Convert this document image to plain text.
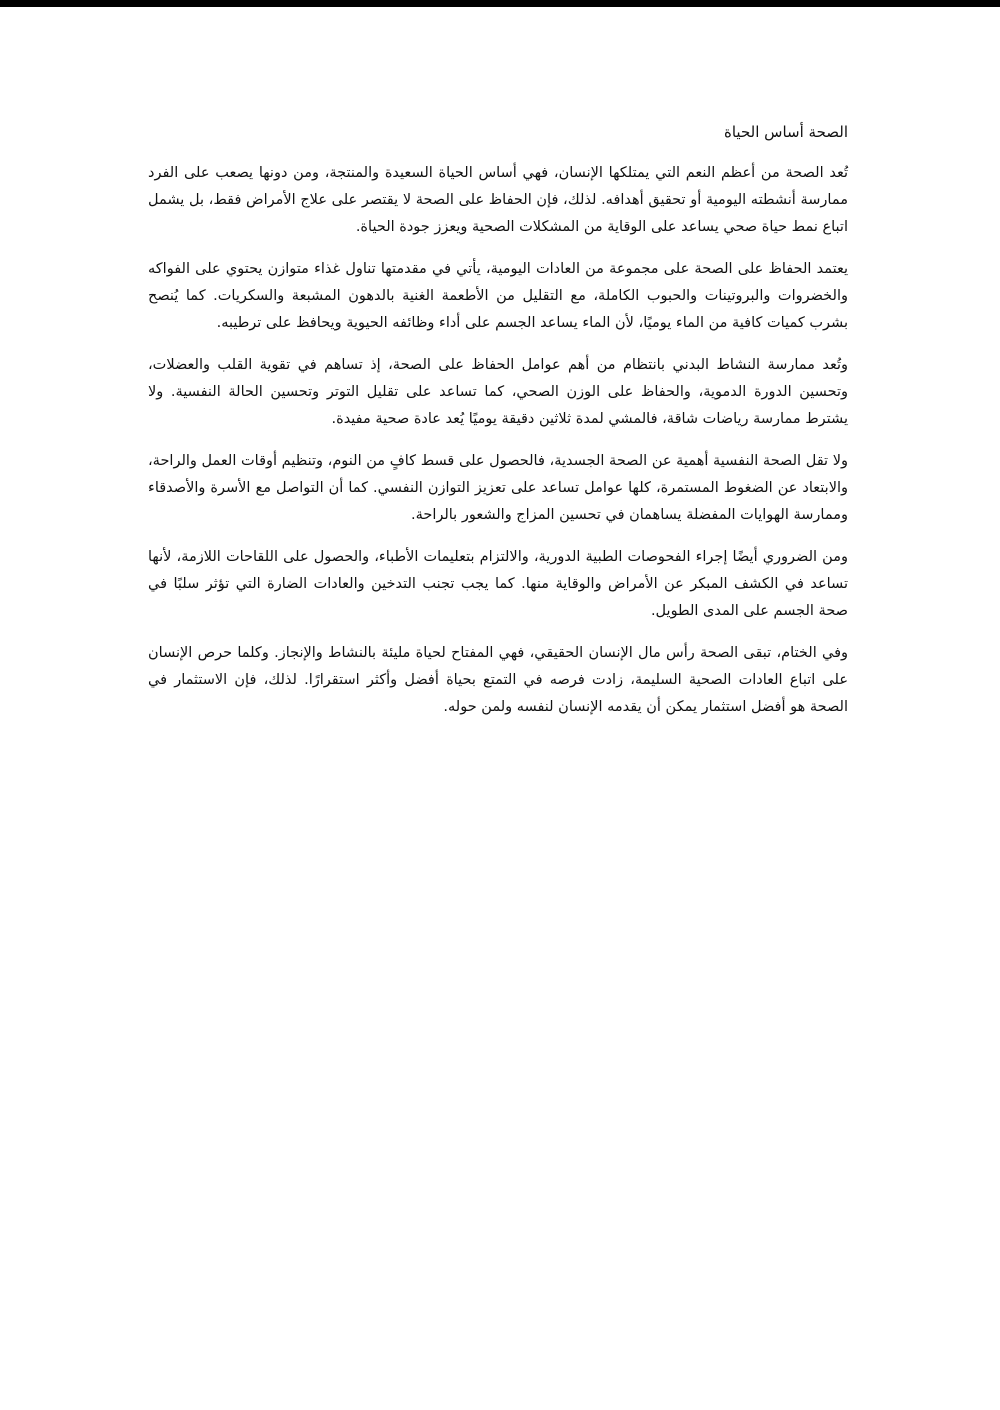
الصحة أساس الحياة

تُعد الصحة من أعظم النعم التي يمتلكها الإنسان، فهي أساس الحياة السعيدة والمنتجة، ومن دونها يصعب على الفرد ممارسة أنشطته اليومية أو تحقيق أهدافه. لذلك، فإن الحفاظ على الصحة لا يقتصر على علاج الأمراض فقط، بل يشمل اتباع نمط حياة صحي يساعد على الوقاية من المشكلات الصحية ويعزز جودة الحياة.

يعتمد الحفاظ على الصحة على مجموعة من العادات اليومية، يأتي في مقدمتها تناول غذاء متوازن يحتوي على الفواكه والخضروات والبروتينات والحبوب الكاملة، مع التقليل من الأطعمة الغنية بالدهون المشبعة والسكريات. كما يُنصح بشرب كميات كافية من الماء يوميًا، لأن الماء يساعد الجسم على أداء وظائفه الحيوية ويحافظ على ترطيبه.

وتُعد ممارسة النشاط البدني بانتظام من أهم عوامل الحفاظ على الصحة، إذ تساهم في تقوية القلب والعضلات، وتحسين الدورة الدموية، والحفاظ على الوزن الصحي، كما تساعد على تقليل التوتر وتحسين الحالة النفسية. ولا يشترط ممارسة رياضات شاقة، فالمشي لمدة ثلاثين دقيقة يوميًا يُعد عادة صحية مفيدة.

ولا تقل الصحة النفسية أهمية عن الصحة الجسدية، فالحصول على قسط كافٍ من النوم، وتنظيم أوقات العمل والراحة، والابتعاد عن الضغوط المستمرة، كلها عوامل تساعد على تعزيز التوازن النفسي. كما أن التواصل مع الأسرة والأصدقاء وممارسة الهوايات المفضلة يساهمان في تحسين المزاج والشعور بالراحة.

ومن الضروري أيضًا إجراء الفحوصات الطبية الدورية، والالتزام بتعليمات الأطباء، والحصول على اللقاحات اللازمة، لأنها تساعد في الكشف المبكر عن الأمراض والوقاية منها. كما يجب تجنب التدخين والعادات الضارة التي تؤثر سلبًا في صحة الجسم على المدى الطويل.

وفي الختام، تبقى الصحة رأس مال الإنسان الحقيقي، فهي المفتاح لحياة مليئة بالنشاط والإنجاز. وكلما حرص الإنسان على اتباع العادات الصحية السليمة، زادت فرصه في التمتع بحياة أفضل وأكثر استقرارًا. لذلك، فإن الاستثمار في الصحة هو أفضل استثمار يمكن أن يقدمه الإنسان لنفسه ولمن حوله.
